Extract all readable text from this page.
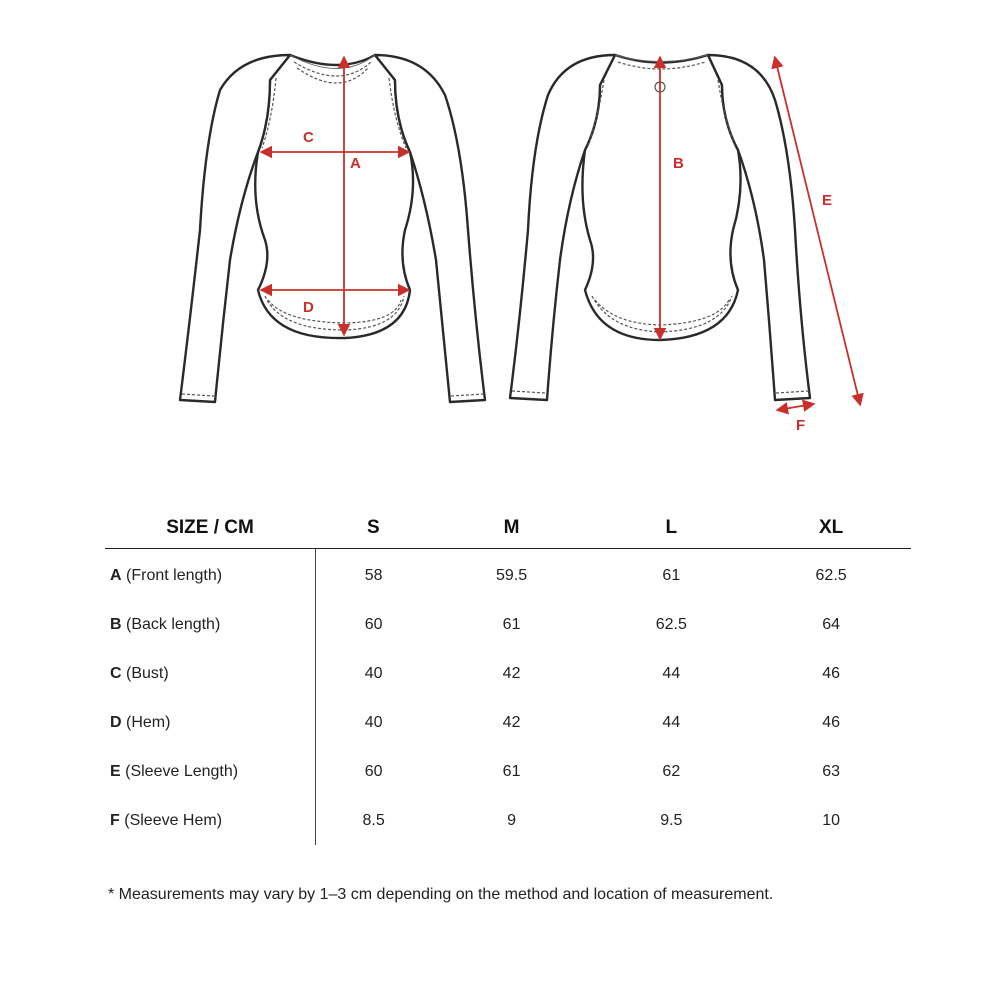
C
A
D
B
E
F
SIZE / CM	S	M	L	XL
A (Front length)	58	59.5	61	62.5
B (Back length)	60	61	62.5	64
C (Bust)	40	42	44	46
D (Hem)	40	42	44	46
E (Sleeve Length)	60	61	62	63
F (Sleeve Hem)	8.5	9	9.5	10
* Measurements may vary by 1–3 cm depending on the method and location of measurement.
